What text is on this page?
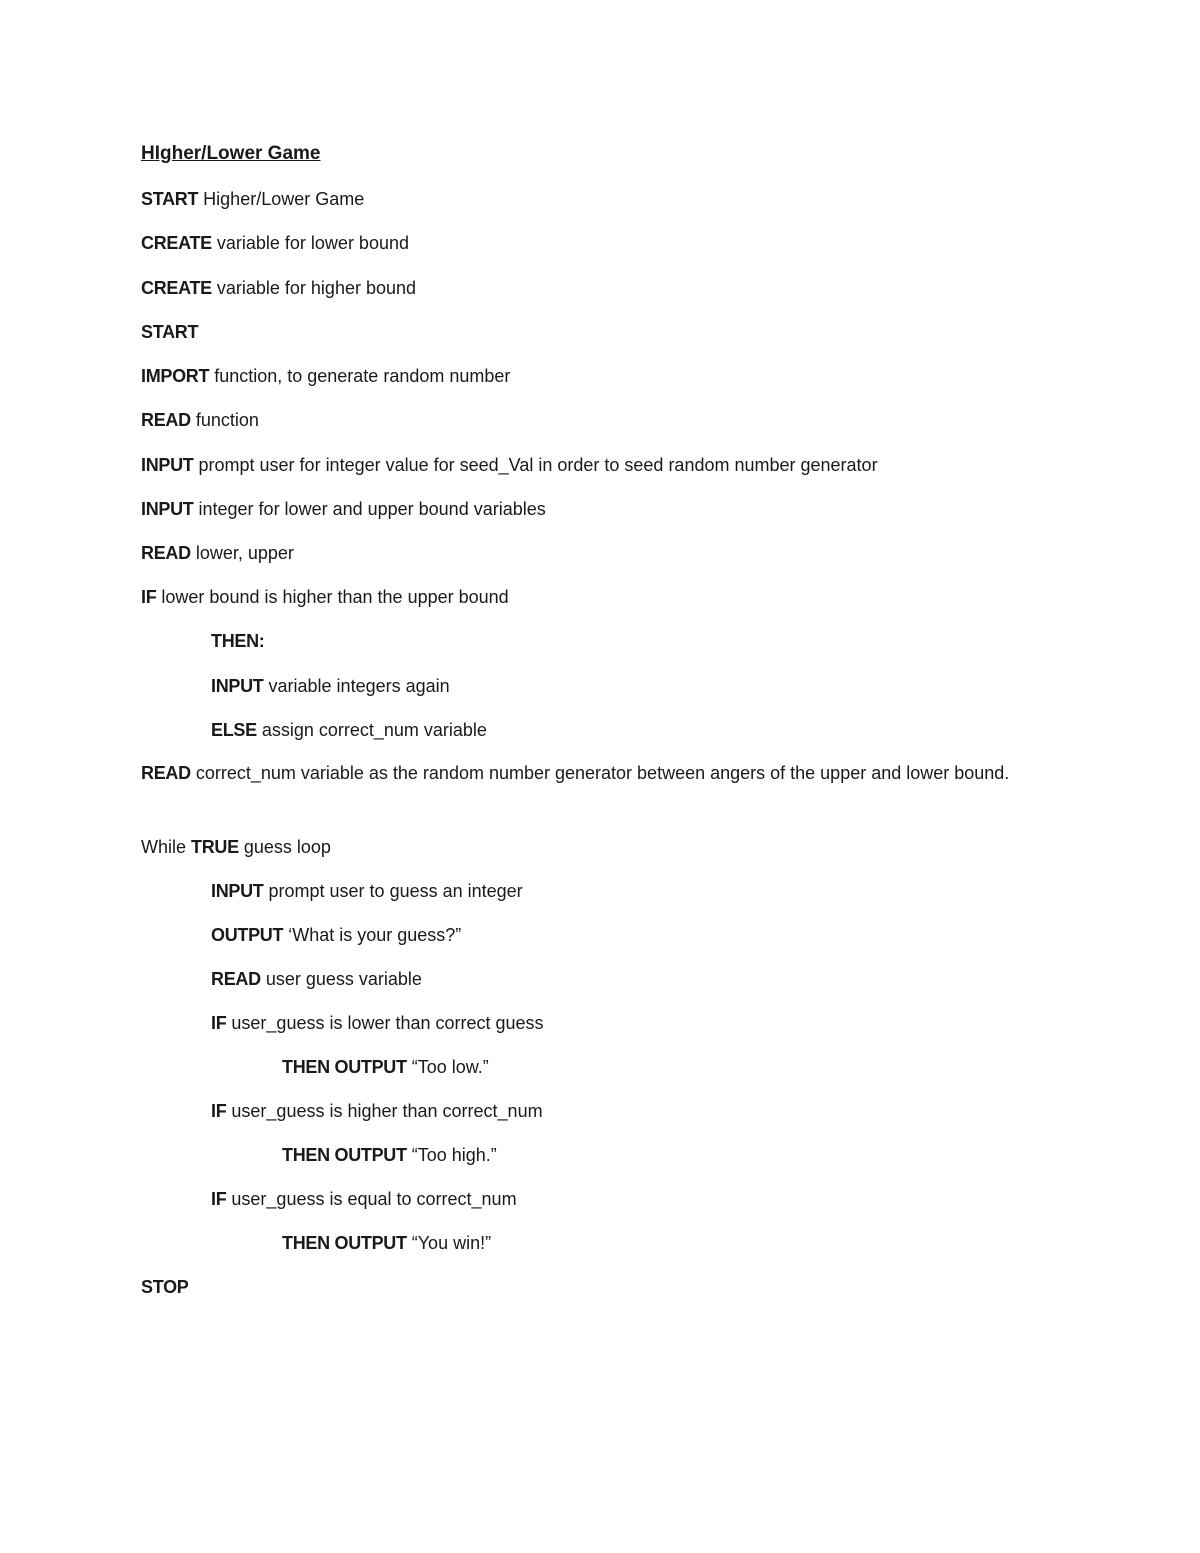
HIgher/Lower Game
START Higher/Lower Game
CREATE variable for lower bound
CREATE variable for higher bound
START
IMPORT function, to generate random number
READ function
INPUT prompt user for integer value for seed_Val in order to seed random number generator
INPUT integer for lower and upper bound variables
READ lower, upper
IF lower bound is higher than the upper bound
THEN:
INPUT variable integers again
ELSE assign correct_num variable
READ correct_num variable as the random number generator between angers of the upper and lower bound.
While TRUE guess loop
INPUT prompt user to guess an integer
OUTPUT ‘What is your guess?”
READ user guess variable
IF user_guess is lower than correct guess
THEN OUTPUT “Too low.”
IF user_guess is higher than correct_num
THEN OUTPUT “Too high.”
IF user_guess is equal to correct_num
THEN OUTPUT “You win!”
STOP
